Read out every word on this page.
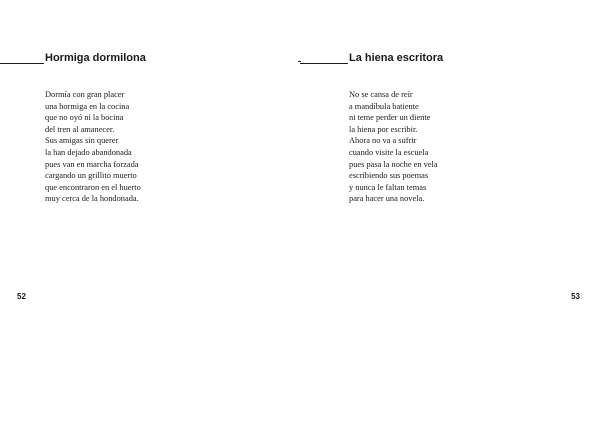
Hormiga dormilona
Dormía con gran placer
una hormiga en la cocina
que no oyó ni la bocina
del tren al amanecer.
Sus amigas sin querer
la han dejado abandonada
pues van en marcha forzada
cargando un grillito muerto
que encontraron en el huerto
muy cerca de la hondonada.
52
La hiena escritora
No se cansa de reír
a mandíbula batiente
ni teme perder un diente
la hiena por escribir.
Ahora no va a sufrir
cuando visite la escuela
pues pasa la noche en vela
escribiendo sus poemas
y nunca le faltan temas
para hacer una novela.
53
